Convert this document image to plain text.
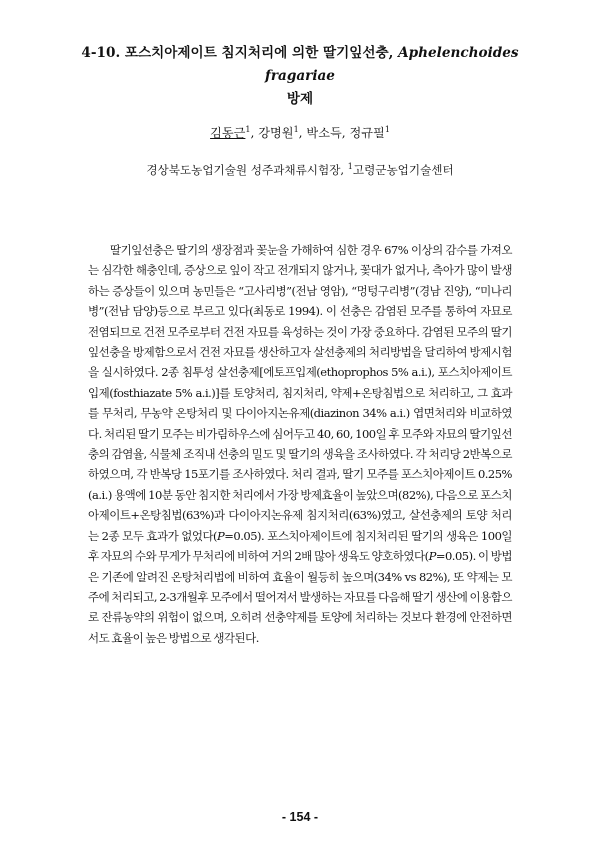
4-10. 포스치아제이트 침지처리에 의한 딸기잎선충, Aphelenchoides fragariae
방제

김동근$^1$, 강명원$^1$, 박소득, 정규필$^1$

경상북도농업기술원 성주과채류시험장, $^1$고령군농업기술센터

딸기잎선충은 딸기의 생장점과 꽃눈을 가해하여 심한 경우 67% 이상의 감수를 가져오는 심각한 해충인데, 증상으로 잎이 작고 전개되지 않거나, 꽃대가 없거나, 측아가 많이 발생하는 증상들이 있으며 농민들은 “고사리병”(전남 영암), “멍텅구리병”(경남 진양), “미나리병”(전남 담양)등으로 부르고 있다(최동로 1994). 이 선충은 감염된 모주를 통하여 자묘로 전염되므로 건전 모주로부터 건전 자묘를 육성하는 것이 가장 중요하다. 감염된 모주의 딸기잎선충을 방제함으로서 건전 자묘를 생산하고자 살선충제의 처리방법을 달리하여 방제시험을 실시하였다. 2종 침투성 살선충제[에토프입제(ethoprophos 5% a.i.), 포스치아제이트입제(fosthiazate 5% a.i.)]를 토양처리, 침지처리, 약제+온탕침법으로 처리하고, 그 효과를 무처리, 무농약 온탕처리 및 다이아지논유제(diazinon 34% a.i.) 엽면처리와 비교하였다. 처리된 딸기 모주는 비가림하우스에 심어두고 40, 60, 100일 후 모주와 자묘의 딸기잎선충의 감염율, 식물체 조직내 선충의 밀도 및 딸기의 생육을 조사하였다. 각 처리당 2반복으로 하였으며, 각 반복당 15포기를 조사하였다. 처리 결과, 딸기 모주를 포스치아제이트 0.25%(a.i.) 용액에 10분 동안 침지한 처리에서 가장 방제효율이 높았으며(82%), 다음으로 포스치아제이트+온탕침법(63%)과 다이아지논유제 침지처리(63%)였고, 살선충제의 토양 처리는 2종 모두 효과가 없었다(P=0.05). 포스치아제이트에 침지처리된 딸기의 생육은 100일 후 자묘의 수와 무게가 무처리에 비하여 거의 2배 많아 생육도 양호하였다(P=0.05). 이 방법은 기존에 알려진 온탕처리법에 비하여 효율이 월등히 높으며(34% vs 82%), 또 약제는 모주에 처리되고, 2-3개월후 모주에서 떨어져서 발생하는 자묘를 다음해 딸기 생산에 이용함으로 잔류농약의 위험이 없으며, 오히려 선충약제를 토양에 처리하는 것보다 환경에 안전하면서도 효율이 높은 방법으로 생각된다.

- 154 -
